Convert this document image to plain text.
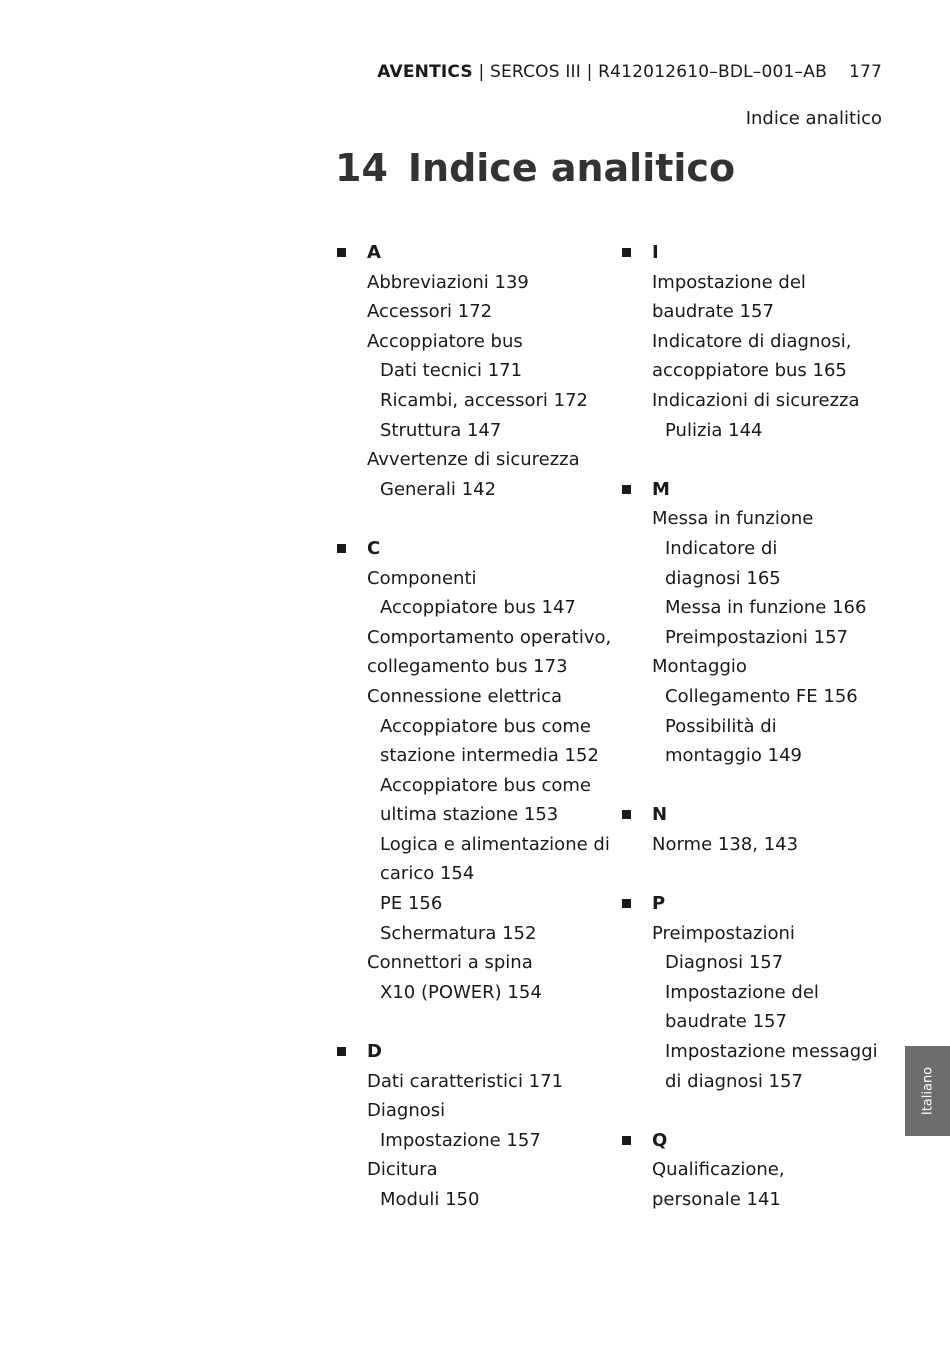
AVENTICS | SERCOS III | R412012610–BDL–001–AB 177
Indice analitico
14 Indice analitico
A
Abbreviazioni 139
Accessori 172
Accoppiatore bus
Dati tecnici 171
Ricambi, accessori 172
Struttura 147
Avvertenze di sicurezza
Generali 142
C
Componenti
Accoppiatore bus 147
Comportamento operativo,
collegamento bus 173
Connessione elettrica
Accoppiatore bus come
stazione intermedia 152
Accoppiatore bus come
ultima stazione 153
Logica e alimentazione di
carico 154
PE 156
Schermatura 152
Connettori a spina
X10 (POWER) 154
D
Dati caratteristici 171
Diagnosi
Impostazione 157
Dicitura
Moduli 150
I
Impostazione del
baudrate 157
Indicatore di diagnosi,
accoppiatore bus 165
Indicazioni di sicurezza
Pulizia 144
M
Messa in funzione
Indicatore di
diagnosi 165
Messa in funzione 166
Preimpostazioni 157
Montaggio
Collegamento FE 156
Possibilità di
montaggio 149
N
Norme 138, 143
P
Preimpostazioni
Diagnosi 157
Impostazione del
baudrate 157
Impostazione messaggi
di diagnosi 157
Q
Qualificazione,
personale 141
Italiano
